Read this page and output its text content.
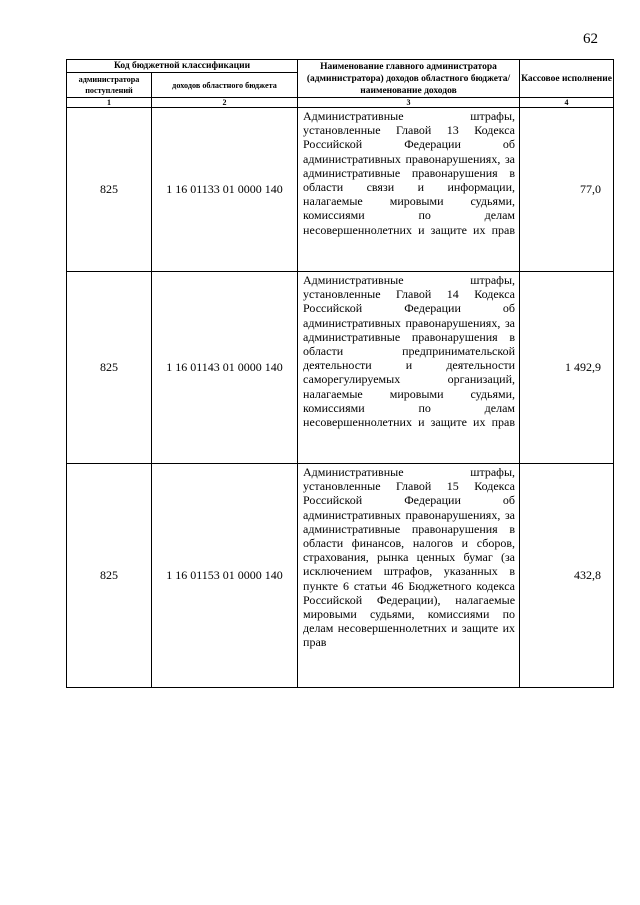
62
Код бюджетной классификации		Наименование главного администратора (администратора) доходов областного бюджета/ наименование доходов	Кассовое исполнение
администратора поступлений	доходов областного бюджета		
1	2	3	4
825	1 16 01133 01 0000 140	Административные штрафы, установленные Главой 13 Кодекса Российской Федерации об административных правонарушениях, за административные правонарушения в области связи и информации, налагаемые мировыми судьями, комиссиями по делам несовершеннолетних и защите их прав	77,0
825	1 16 01143 01 0000 140	Административные штрафы, установленные Главой 14 Кодекса Российской Федерации об административных правонарушениях, за административные правонарушения в области предпринимательской деятельности и деятельности саморегулируемых организаций, налагаемые мировыми судьями, комиссиями по делам несовершеннолетних и защите их прав	1 492,9
825	1 16 01153 01 0000 140	Административные штрафы, установленные Главой 15 Кодекса Российской Федерации об административных правонарушениях, за административные правонарушения в области финансов, налогов и сборов, страхования, рынка ценных бумаг (за исключением штрафов, указанных в пункте 6 статьи 46 Бюджетного кодекса Российской Федерации), налагаемые мировыми судьями, комиссиями по делам несовершеннолетних и защите их прав	432,8
